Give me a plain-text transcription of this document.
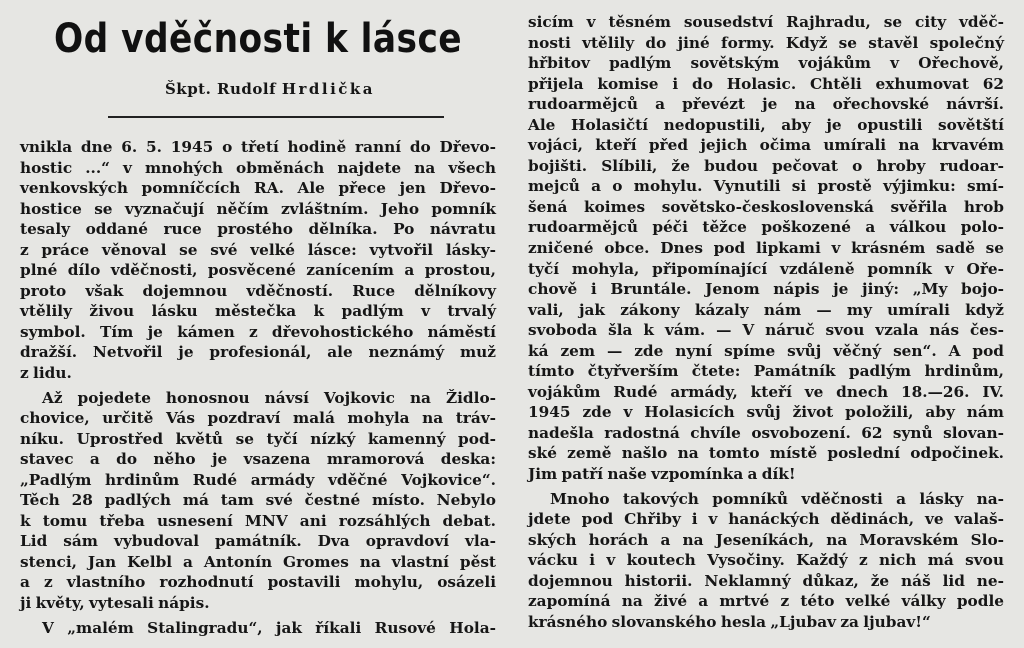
Od vděčnosti k lásce
Škpt. Rudolf Hrdlička
vnikla dne 6. 5. 1945 o třetí hodině ranní do Dřevo-
hostic ...“ v mnohých obměnách najdete na všech
venkovských pomníčcích RA. Ale přece jen Dřevo-
hostice se vyznačují něčím zvláštním. Jeho pomník
tesaly oddané ruce prostého dělníka. Po návratu
z práce věnoval se své velké lásce: vytvořil lásky-
plné dílo vděčnosti, posvěcené zanícením a prostou,
proto však dojemnou vděčností. Ruce dělníkovy
vtělily živou lásku městečka k padlým v trvalý
symbol. Tím je kámen z dřevohostického náměstí
dražší. Netvořil je profesionál, ale neznámý muž
z lidu.
Až pojedete honosnou návsí Vojkovic na Židlo-
chovice, určitě Vás pozdraví malá mohyla na tráv-
níku. Uprostřed květů se tyčí nízký kamenný pod-
stavec a do něho je vsazena mramorová deska:
„Padlým hrdinům Rudé armády vděčné Vojkovice“.
Těch 28 padlých má tam své čestné místo. Nebylo
k tomu třeba usnesení MNV ani rozsáhlých debat.
Lid sám vybudoval památník. Dva opravdoví vla-
stenci, Jan Kelbl a Antonín Gromes na vlastní pěst
a z vlastního rozhodnutí postavili mohylu, osázeli
ji květy, vytesali nápis.
V „malém Stalingradu“, jak říkali Rusové Hola-
sicím v těsném sousedství Rajhradu, se city vděč-
nosti vtělily do jiné formy. Když se stavěl společný
hřbitov padlým sovětským vojákům v Ořechově,
přijela komise i do Holasic. Chtěli exhumovat 62
rudoarmějců a převézt je na ořechovské návrší.
Ale Holasičtí nedopustili, aby je opustili sovětští
vojáci, kteří před jejich očima umírali na krvavém
bojišti. Slíbili, že budou pečovat o hroby rudoar-
mejců a o mohylu. Vynutili si prostě výjimku: smí-
šená koimes sovětsko-československá svěřila hrob
rudoarmějců péči těžce poškozené a válkou polo-
zničené obce. Dnes pod lipkami v krásném sadě se
tyčí mohyla, připomínající vzdáleně pomník v Oře-
chově i Bruntále. Jenom nápis je jiný: „My bojo-
vali, jak zákony kázaly nám — my umírali když
svoboda šla k vám. — V náruč svou vzala nás čes-
ká zem — zde nyní spíme svůj věčný sen“. A pod
tímto čtyřverším čtete: Památník padlým hrdinům,
vojákům Rudé armády, kteří ve dnech 18.—26. IV.
1945 zde v Holasicích svůj život položili, aby nám
nadešla radostná chvíle osvobození. 62 synů slovan-
ské země našlo na tomto místě poslední odpočinek.
Jim patří naše vzpomínka a dík!
Mnoho takových pomníků vděčnosti a lásky na-
jdete pod Chřiby i v hanáckých dědinách, ve valaš-
ských horách a na Jeseníkách, na Moravském Slo-
vácku i v koutech Vysočiny. Každý z nich má svou
dojemnou historii. Neklamný důkaz, že náš lid ne-
zapomíná na živé a mrtvé z této velké války podle
krásného slovanského hesla „Ljubav za ljubav!“
